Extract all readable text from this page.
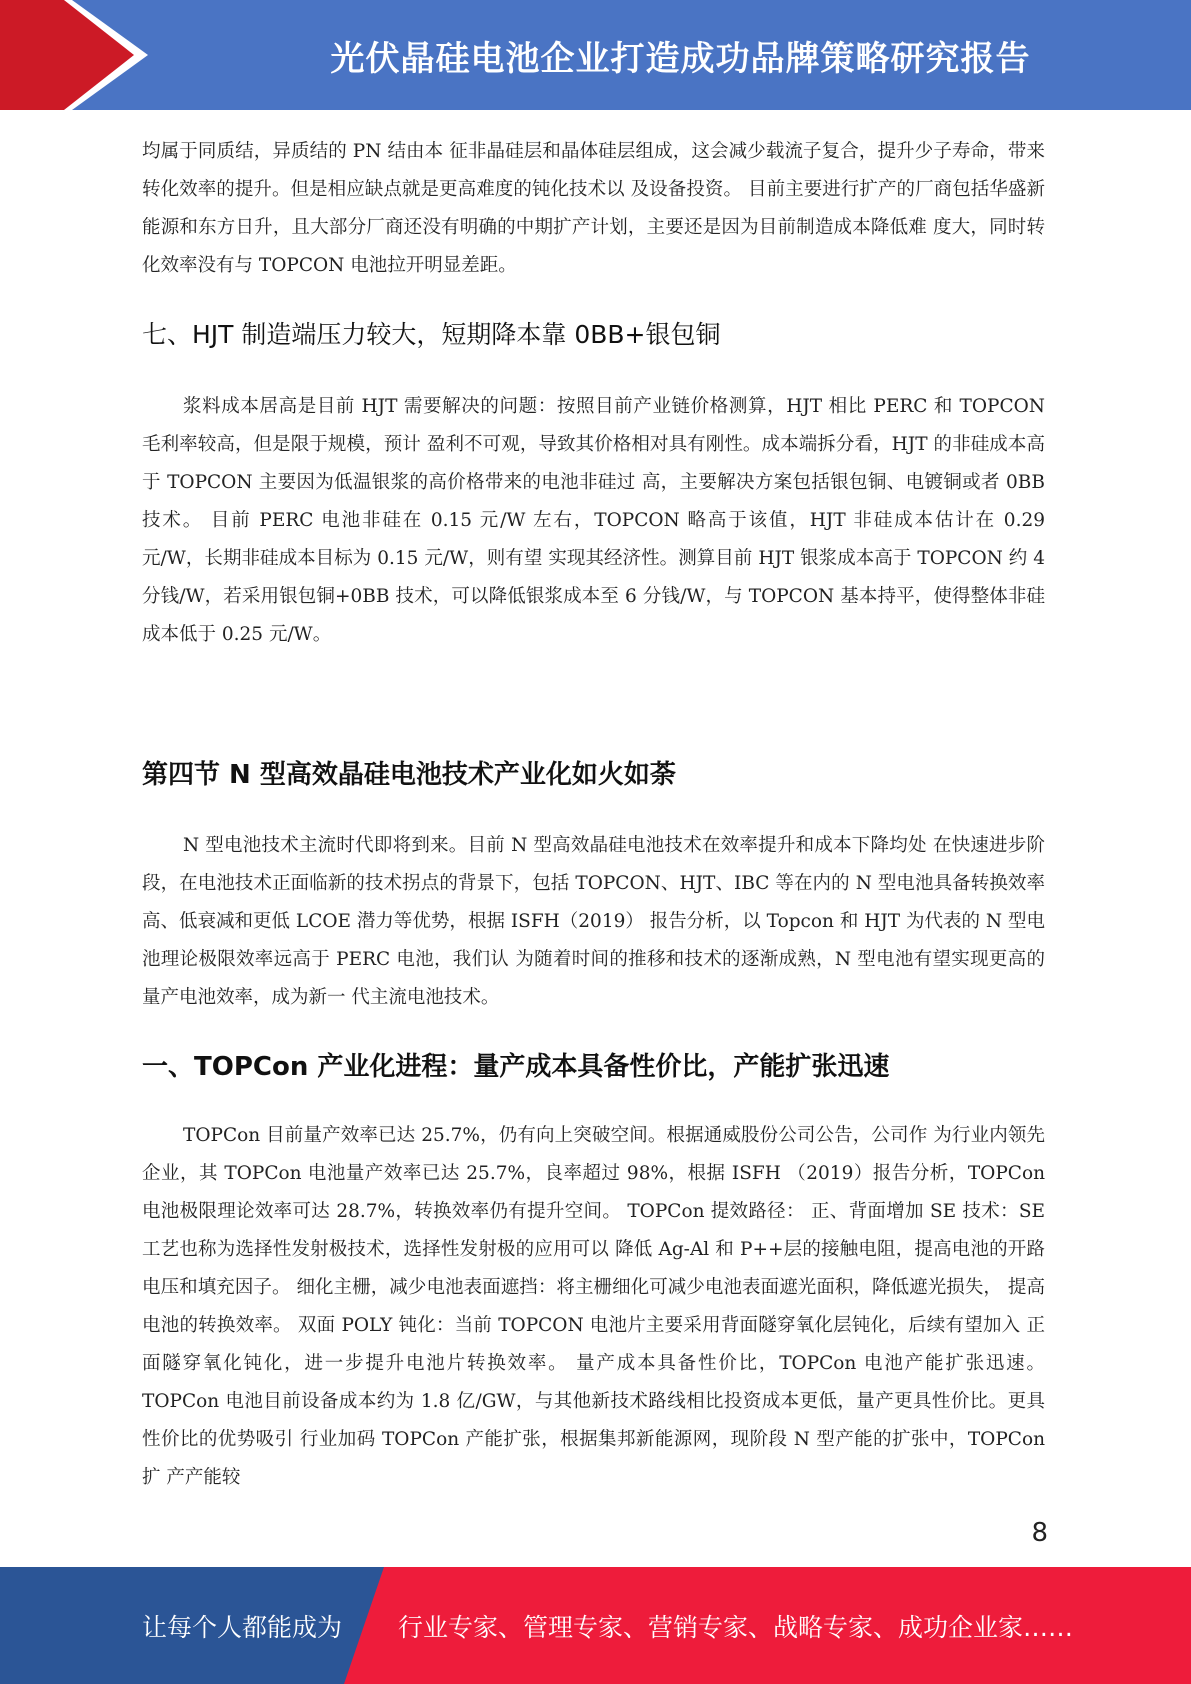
光伏晶硅电池企业打造成功品牌策略研究报告

均属于同质结，异质结的 PN 结由本 征非晶硅层和晶体硅层组成，这会减少载流子复合，提升少子寿命，带来转化效率的提升。但是相应缺点就是更高难度的钝化技术以 及设备投资。 目前主要进行扩产的厂商包括华盛新能源和东方日升，且大部分厂商还没有明确的中期扩产计划，主要还是因为目前制造成本降低难 度大，同时转化效率没有与 TOPCON 电池拉开明显差距。

七、HJT 制造端压力较大，短期降本靠 0BB+银包铜

浆料成本居高是目前 HJT 需要解决的问题：按照目前产业链价格测算，HJT 相比 PERC 和 TOPCON 毛利率较高，但是限于规模，预计 盈利不可观，导致其价格相对具有刚性。成本端拆分看，HJT 的非硅成本高于 TOPCON 主要因为低温银浆的高价格带来的电池非硅过 高，主要解决方案包括银包铜、电镀铜或者 0BB 技术。 目前 PERC 电池非硅在 0.15 元/W 左右，TOPCON 略高于该值，HJT 非硅成本估计在 0.29 元/W，长期非硅成本目标为 0.15 元/W，则有望 实现其经济性。测算目前 HJT 银浆成本高于 TOPCON 约 4 分钱/W，若采用银包铜+0BB 技术，可以降低银浆成本至 6 分钱/W，与 TOPCON 基本持平，使得整体非硅成本低于 0.25 元/W。

第四节 N 型高效晶硅电池技术产业化如火如荼

N 型电池技术主流时代即将到来。目前 N 型高效晶硅电池技术在效率提升和成本下降均处 在快速进步阶段，在电池技术正面临新的技术拐点的背景下，包括 TOPCON、HJT、IBC 等在内的 N 型电池具备转换效率高、低衰减和更低 LCOE 潜力等优势，根据 ISFH（2019） 报告分析，以 Topcon 和 HJT 为代表的 N 型电池理论极限效率远高于 PERC 电池，我们认 为随着时间的推移和技术的逐渐成熟，N 型电池有望实现更高的量产电池效率，成为新一 代主流电池技术。

一、TOPCon 产业化进程：量产成本具备性价比，产能扩张迅速

TOPCon 目前量产效率已达 25.7%，仍有向上突破空间。根据通威股份公司公告，公司作 为行业内领先企业，其 TOPCon 电池量产效率已达 25.7%，良率超过 98%，根据 ISFH （2019）报告分析，TOPCon 电池极限理论效率可达 28.7%，转换效率仍有提升空间。 TOPCon 提效路径： 正、背面增加 SE 技术：SE 工艺也称为选择性发射极技术，选择性发射极的应用可以 降低 Ag-Al 和 P++层的接触电阻，提高电池的开路电压和填充因子。 细化主栅，减少电池表面遮挡：将主栅细化可减少电池表面遮光面积，降低遮光损失， 提高电池的转换效率。 双面 POLY 钝化：当前 TOPCON 电池片主要采用背面隧穿氧化层钝化，后续有望加入 正面隧穿氧化钝化，进一步提升电池片转换效率。 量产成本具备性价比，TOPCon 电池产能扩张迅速。TOPCon 电池目前设备成本约为 1.8 亿/GW，与其他新技术路线相比投资成本更低，量产更具性价比。更具性价比的优势吸引 行业加码 TOPCon 产能扩张，根据集邦新能源网，现阶段 N 型产能的扩张中，TOPCon 扩 产产能较

8
让每个人都能成为 行业专家、管理专家、营销专家、战略专家、成功企业家……
